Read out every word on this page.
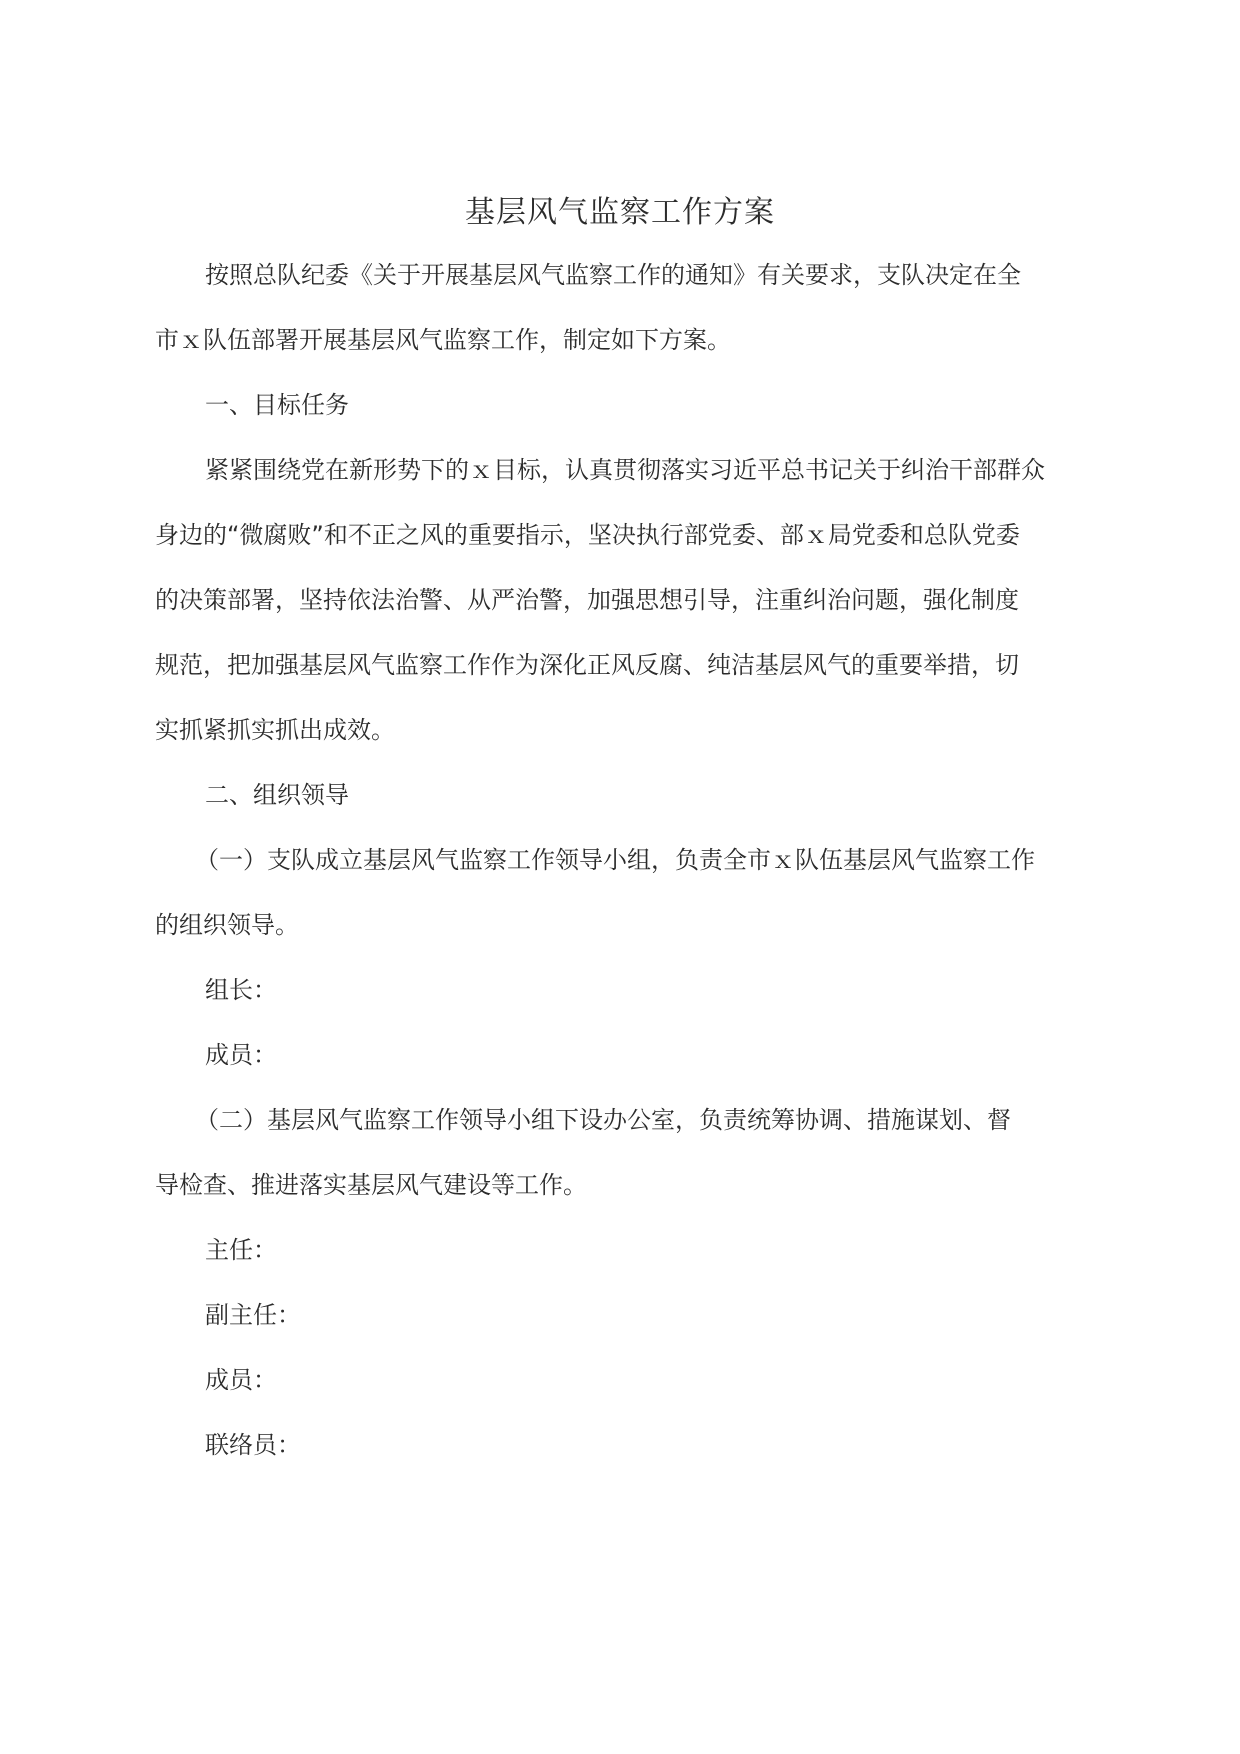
基层风气监察工作方案
按照总队纪委《关于开展基层风气监察工作的通知》有关要求，支队决定在全
市ｘ队伍部署开展基层风气监察工作，制定如下方案。
一、目标任务
紧紧围绕党在新形势下的ｘ目标，认真贯彻落实习近平总书记关于纠治干部群众
身边的“微腐败”和不正之风的重要指示，坚决执行部党委、部ｘ局党委和总队党委
的决策部署，坚持依法治警、从严治警，加强思想引导，注重纠治问题，强化制度
规范，把加强基层风气监察工作作为深化正风反腐、纯洁基层风气的重要举措，切
实抓紧抓实抓出成效。
二、组织领导
（一）支队成立基层风气监察工作领导小组，负责全市ｘ队伍基层风气监察工作
的组织领导。
组长：
成员：
（二）基层风气监察工作领导小组下设办公室，负责统筹协调、措施谋划、督
导检查、推进落实基层风气建设等工作。
主任：
副主任：
成员：
联络员：
